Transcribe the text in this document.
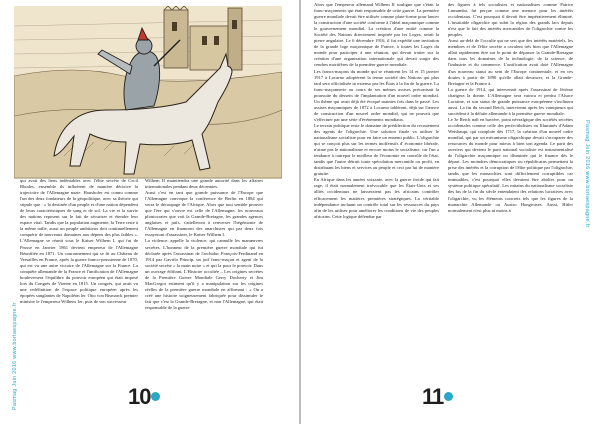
qui avait des liens indéniables avec l'élite secrète de Cecil Rhodes, ensemble ils influèrent de manière décisive la trajectoire de l'Allemagne nazie. Haushofer est connu comme l'un des deux fondateurs de la géopolitique, avec sa théorie qui stipule que : « la destinée d'un peuple et d'une nation dépendent de leurs caractéristiques de sang et de sol. La vie et la survie des nations reposent sur le fait de sécuriser et étendre leur espace vital. Tandis que la population augmente, la Terre reste à la même taille, aussi un peuple ambitieux doit continuellement conquérir de nouveaux domaines aux dépens des plus faibles ». L'Allemagne se réunit sous le Kaiser Wilhem I, qui fut de Prusse en Janvier 1861 devient empereur de l'Allemagne Réunifiée en 1871. Un couronnement qui se fit au Château de Versailles en France, après la guerre franco-prussienne de 1870, qui est vu une autre victoire de l'Allemagne sur la France. La conquête allemande de la France et l'unification de l'Allemagne bouleversera l'équilibre du pouvoir européen qui était imposé lors du Congrès de Vienne en 1815. Un congrès, qui avait vu une redéfinition de l'espace politique européen après les épopées sanglantes de Napoléon ler. Otto von Bismarck premier ministre le l'empereur Wilhem 1er, puis de son successeur

Wilhem II maintiendra une grande autorité dans les affaires internationales pendant deux décennies.

Aussi c'est en tant que grande puissance de l'Europe que l'Allemagne convoque la conférence de Berlin en 1884 qui verra le découpage de l'Afrique. Alors que tout semble prouver que l'ère qui s'ouvre est celle de l'Allemagne, les nouveaux ploutocrates que voit la Grande-Bretagne, les grandes agences anglaises et juifs, s'attelleront à renverser l'hégémonie de l'Allemagne en financent des anarchistes qui par deux fois essayeront d'assassiner, le Kaiser Wilhem I.

La violence, appelle la violence, qui cannulle les manœuvres secrètes. L'honneur de la première guerre mondiale qui fut déclarée après l'assassinat de l'archiduc François-Ferdinand en 1914 par Gavrilo Princip, un juif franc-maçon et agent de la société secrète « la main noire » et qui la pour le pouvoir. Dans un ouvrage édifiant, L'Histoire occultée – Les origines secrètes de la Première Guerre Mondiale Gerry Docherty et Jim MacGregor estiment qu'il y a manipulation sur les origines réelles de la première guerre mondiale en affirmant : « On a créé une histoire soigneusement fabriquée pour dissimuler le fait que c'est la Grande-Bretagne, et non l'Allemagne, qui était responsable de la guerre

Pasmag Juin 2016 www.bortaespagne.fr	10

Alors que l'empereur allemand Wilhem II souligne que c'était la franc-maçonnerie qui était responsable de cette guerre. La première guerre mondiale devait être utilisée comme plate-forme pour lancer la construction d'une société conforme à l'idéal maçonnique comme le gouvernement mondial. La création d'une entité comme la Société des Nations directement inspirée par les Loges, serait la pierre angulaire. Le 6 décembre 1916, il fut expédié une invitation de la grande loge maçonnique de France, à toutes les Loges du monde pour participer à une réunion, qui devait traiter sur la création d'une organisation internationale qui devait surgir des cendres mortifères de la première guerre mondiale.

Les francs-maçons du monde qui se réunirent les 14 et 15 janvier 1917 à Locarno adoptèrent la terme société des Nations qui plus tard sera officialisée in extenso par les États à la fin de la guerre. La franc-maçonnerie au cours de ses mémes assises préconisait la poursuite du dessein de l'implantation d'un nouvel ordre mondial. Un thème qui avait déjà été évoqué maintes fois dans le passé. Les assises maçonniques de 1872 à Locarno tablèrent, déjà sur l'œuvre de construction d'un nouvel ordre mondial, qui ne pouvait que s'effectuer par une série d'événements mondiaux.

Le terrain politique reste le domaine de prédilection du recrutement des agents de l'oligarchie. Une solution finale va utiliser le nationalisme socialiste pour en faire un ennemi public. L'oligarchie qui se conçoit plus sur les termes inoffensifs d' économie libérale, n'aime pas le nationalisme et encore moins le socialisme, car l'un a tendance à outrepar le meilleur de l'économie en contrôle de l'état, tandis que l'autre détruit toute spéculation mercantile ou profit, en distribuant les biens et services au peuple et ceci par lui de manière gratuite.

En Afrique dans les années soixante, avec la guerre froide qui fait rage, il était normalement irrévocable que les États-Unis et ses alliés occidentaux ne laisseraient pas les africains contrôler efficacement les matières premières stratégiques. La véritable indépendance incluant un contrôle total sur les ressources du pays afin de les utiliser pour améliorer les conditions de vie des peuples africains. Cette logique défendue par

des figures à tels socialistes et nationalistes comme Patrice Lumumba, fut perçue comme une menace pour les intérêts occidentaux. C'est pourquoi il devait être impérativement éliminé. L'insatiable oligarchie qui subit la région des grands lacs depuis n'est que le fait des intérêts mercantiles de l'oligarchie contre les peuples.

Aussi au-delà de l'occulte qui ne sert que des intérêts matériels, les membres et de l'élite secrète a cavalent très bien que l'Allemagne allait rapidement être sur le point de dépasser la Grande-Bretagne dans tous les domaines de la technologie, de la science, de l'industrie et du commerce. L'unification avait doté l'Allemagne d'un nouveau statut au sein de l'Europe continentale, et en ces doutes à partir de 1890 qu'elle allait devancer, et la Grande-Bretagne et la France à.

La guerre de 1914, qui intervenait après l'assassinat de Jérôme changera la donne. L'Allemagne sera vaincu et perdra l'Alsace Lorraine, et son statut de grande puissance européenne s'inclinera aussi. La fin du second Reich, interviennt après les vainqueurs qui succèdent à la défaite allemande à la première guerre mondiale.

Le 3e Reich naît en bavière, point névralgique des sociétés secrètes occidentales comme celle des perfectibilistes ou Illuminés d'Adam Weishaupt, qui complote dès 1717, la création d'un nouvel ordre mondial, qui par un mécanisme oligarchique devait s'accaparer des ressources du monde pour mieux à bien son agenda. Le parti des ouvriers qui devient le parti national socialiste est instrumentalisé de l'oligarchie maçonnique ou illuminée qui le finance dès le départ. Les moindres démocratiques ou républicains permettent la prise des intérêts et la corruption de l'élite politique par l'oligarchie, tandis que les monarchies sont difficilement corruptibles car immuables, c'est pourquoi elles devaient être abolies pour un système politique spéculatif. Les mitains du nationalisme socialiste des bis de la fin du siècle entendaient des relations lucratives avec l'oligarchie, vu les éléments concrets tels que les figures de la monarchie Allemande ou Austro Hongroises. Aussi, Hitler normalement n'est plus ni moins à	Pasmag Juin 2016 www.bortaespagne.fr
11
